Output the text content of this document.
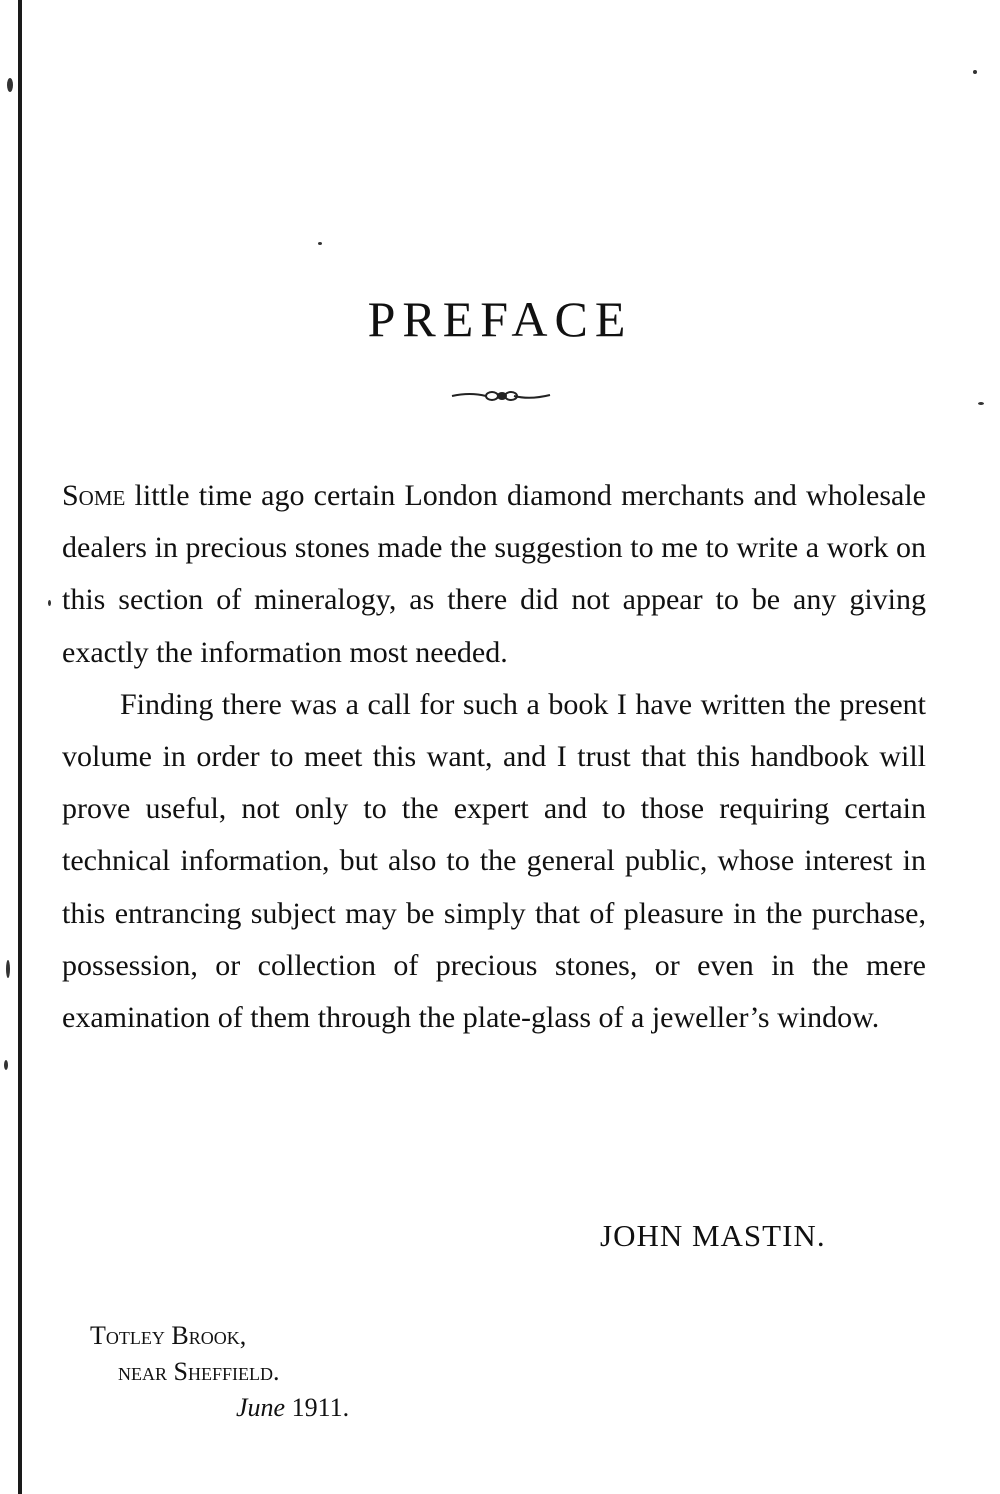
PREFACE

Some little time ago certain London diamond merchants and wholesale dealers in precious stones made the suggestion to me to write a work on this section of mineralogy, as there did not appear to be any giving exactly the information most needed.

Finding there was a call for such a book I have written the present volume in order to meet this want, and I trust that this handbook will prove useful, not only to the expert and to those requiring certain technical information, but also to the general public, whose interest in this entrancing subject may be simply that of pleasure in the purchase, possession, or collection of precious stones, or even in the mere examination of them through the plate-glass of a jeweller’s window.

JOHN MASTIN.
Totley Brook,
near Sheffield.
June 1911.
